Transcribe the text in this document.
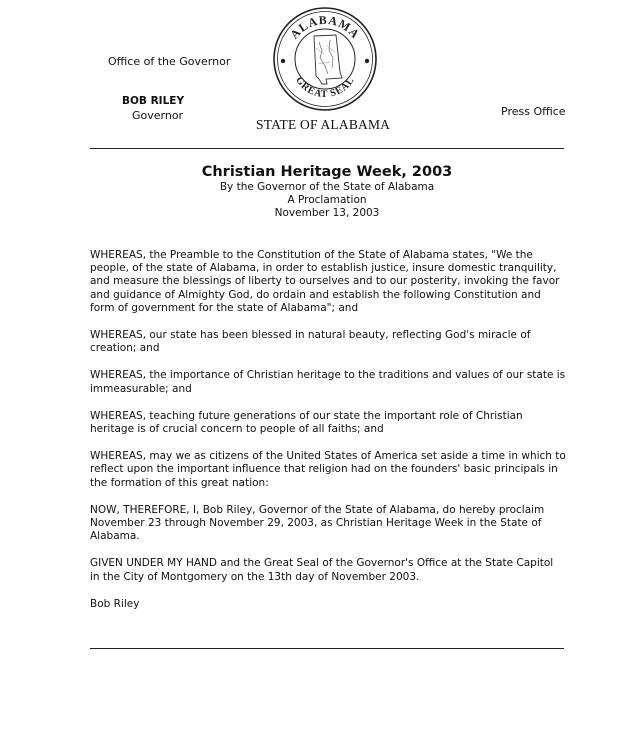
Office of the Governor
BOB RILEY
Governor	Press Office
ALABAMA
GREAT SEAL
STATE OF ALABAMA
Christian Heritage Week, 2003
By the Governor of the State of Alabama
A Proclamation
November 13, 2003

WHEREAS, the Preamble to the Constitution of the State of Alabama states, "We the people, of the state of Alabama, in order to establish justice, insure domestic tranquility, and measure the blessings of liberty to ourselves and to our posterity, invoking the favor and guidance of Almighty God, do ordain and establish the following Constitution and form of government for the state of Alabama"; and

WHEREAS, our state has been blessed in natural beauty, reflecting God's miracle of creation; and

WHEREAS, the importance of Christian heritage to the traditions and values of our state is immeasurable; and

WHEREAS, teaching future generations of our state the important role of Christian heritage is of crucial concern to people of all faiths; and

WHEREAS, may we as citizens of the United States of America set aside a time in which to reflect upon the important influence that religion had on the founders' basic principals in the formation of this great nation:

NOW, THEREFORE, I, Bob Riley, Governor of the State of Alabama, do hereby proclaim November 23 through November 29, 2003, as Christian Heritage Week in the State of Alabama.

GIVEN UNDER MY HAND and the Great Seal of the Governor's Office at the State Capitol in the City of Montgomery on the 13th day of November 2003.

Bob Riley
